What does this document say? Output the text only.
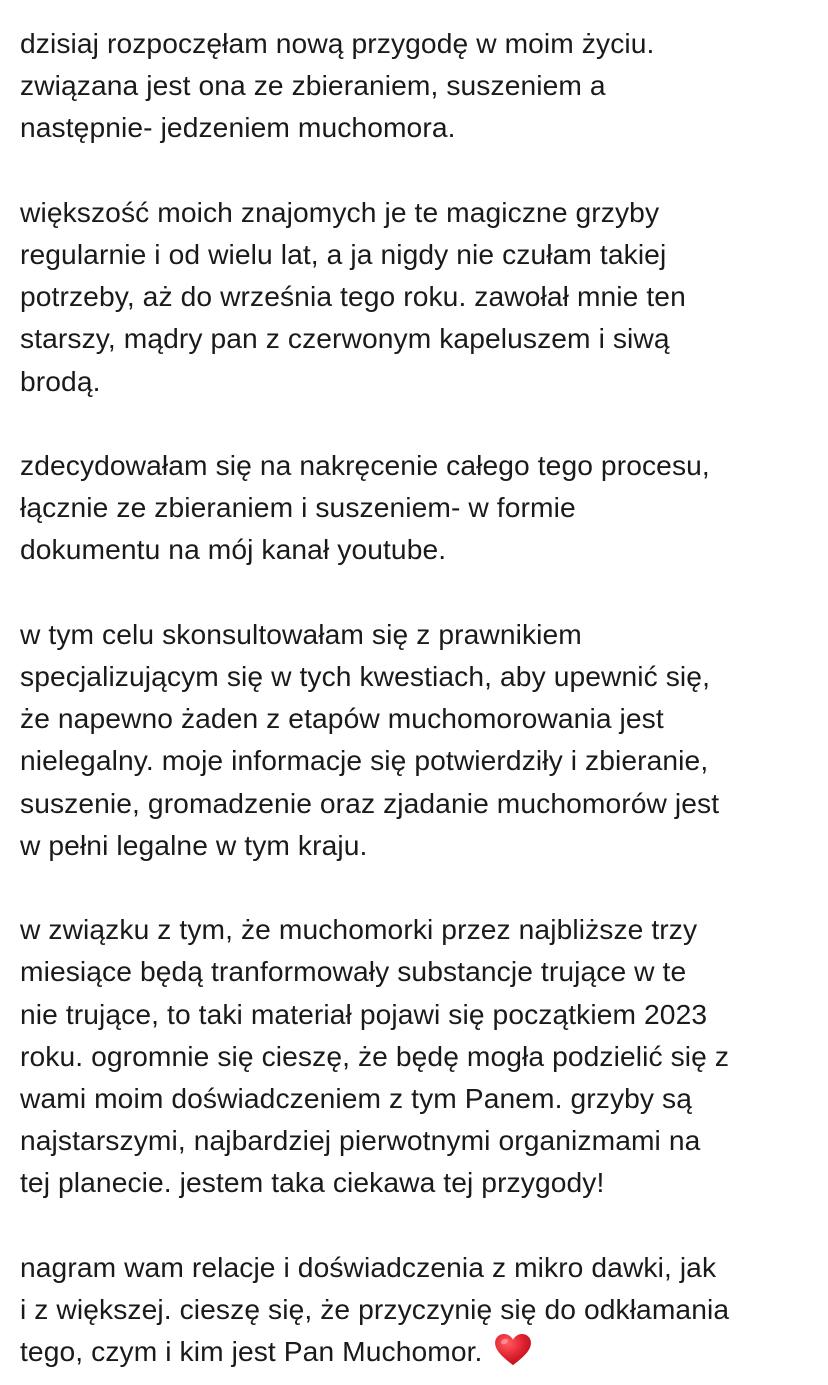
dzisiaj rozpoczęłam nową przygodę w moim życiu.
związana jest ona ze zbieraniem, suszeniem a
następnie- jedzeniem muchomora.

większość moich znajomych je te magiczne grzyby
regularnie i od wielu lat, a ja nigdy nie czułam takiej
potrzeby, aż do września tego roku. zawołał mnie ten
starszy, mądry pan z czerwonym kapeluszem i siwą
brodą.

zdecydowałam się na nakręcenie całego tego procesu,
łącznie ze zbieraniem i suszeniem- w formie
dokumentu na mój kanał youtube.

w tym celu skonsultowałam się z prawnikiem
specjalizującym się w tych kwestiach, aby upewnić się,
że napewno żaden z etapów muchomorowania jest
nielegalny. moje informacje się potwierdziły i zbieranie,
suszenie, gromadzenie oraz zjadanie muchomorów jest
w pełni legalne w tym kraju.

w związku z tym, że muchomorki przez najbliższe trzy
miesiące będą tranformowały substancje trujące w te
nie trujące, to taki materiał pojawi się początkiem 2023
roku. ogromnie się cieszę, że będę mogła podzielić się z
wami moim doświadczeniem z tym Panem. grzyby są
najstarszymi, najbardziej pierwotnymi organizmami na
tej planecie. jestem taka ciekawa tej przygody!

nagram wam relacje i doświadczenia z mikro dawki, jak
i z większej. cieszę się, że przyczynię się do odkłamania
tego, czym i kim jest Pan Muchomor.
